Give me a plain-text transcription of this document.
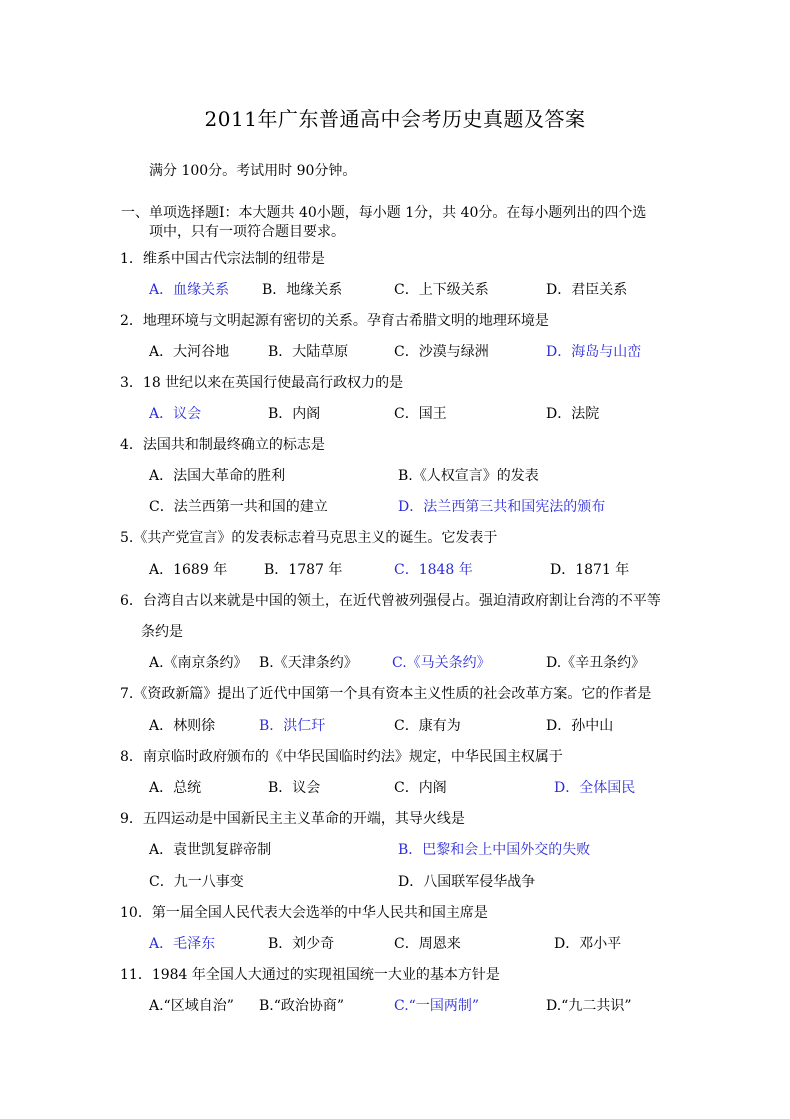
2011年广东普通高中会考历史真题及答案
满分 100分。考试用时 90分钟。
一、单项选择题Ⅰ：本大题共 40小题，每小题 1分，共 40分。在每小题列出的四个选
项中，只有一项符合题目要求。
1．维系中国古代宗法制的纽带是
A．血缘关系 B．地缘关系	C．上下级关系	D．君臣关系
2．地理环境与文明起源有密切的关系。孕育古希腊文明的地理环境是
A．大河谷地	B．大陆草原	C．沙漠与绿洲	D．海岛与山峦
3．18 世纪以来在英国行使最高行政权力的是
A．议会	B．内阁	C．国王	D．法院
4．法国共和制最终确立的标志是
A．法国大革命的胜利	B.《人权宣言》的发表
C．法兰西第一共和国的建立	D．法兰西第三共和国宪法的颁布
5.《共产党宣言》的发表标志着马克思主义的诞生。它发表于
A．1689 年	B．1787 年	C．1848 年	D．1871 年
6．台湾自古以来就是中国的领土，在近代曾被列强侵占。强迫清政府割让台湾的不平等
条约是
A.《南京条约》 B.《天津条约》 C.《马关条约》	D.《辛丑条约》
7.《资政新篇》提出了近代中国第一个具有资本主义性质的社会改革方案。它的作者是
A．林则徐	B．洪仁玕	C．康有为	D．孙中山
8．南京临时政府颁布的《中华民国临时约法》规定，中华民国主权属于
A．总统	B．议会	C．内阁	D．全体国民
9．五四运动是中国新民主主义革命的开端，其导火线是
A．袁世凯复辟帝制	B．巴黎和会上中国外交的失败
C．九一八事变	D．八国联军侵华战争
10．第一届全国人民代表大会选举的中华人民共和国主席是
A．毛泽东	B．刘少奇	C．周恩来	D．邓小平
11．1984 年全国人大通过的实现祖国统一大业的基本方针是
A.“区域自治” B.“政治协商”	C.“一国两制”	D.“九二共识”
